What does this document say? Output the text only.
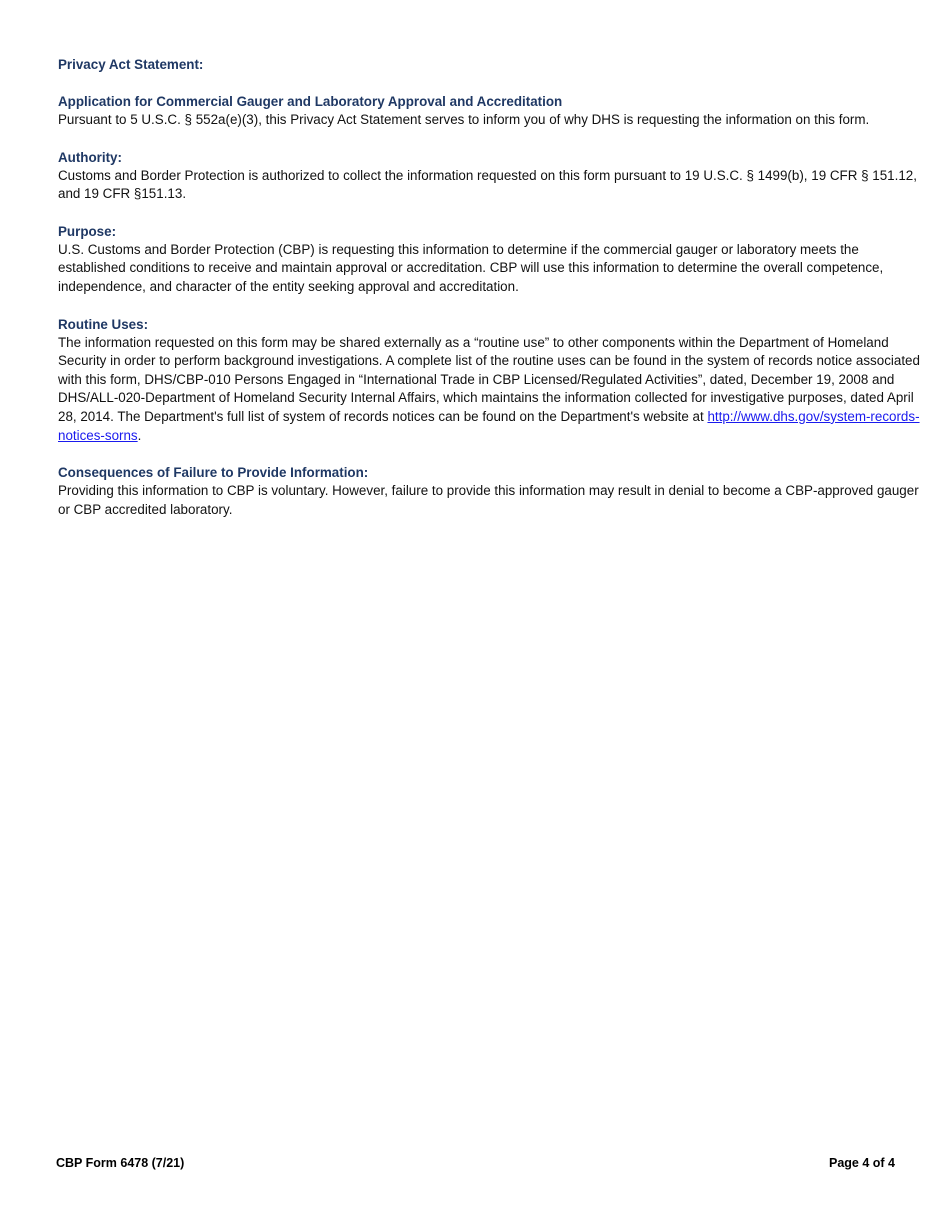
Privacy Act Statement:

Application for Commercial Gauger and Laboratory Approval and Accreditation

Pursuant to 5 U.S.C. § 552a(e)(3), this Privacy Act Statement serves to inform you of why DHS is requesting the information on this form.

Authority:

Customs and Border Protection is authorized to collect the information requested on this form pursuant to 19 U.S.C. § 1499(b), 19 CFR § 151.12, and 19 CFR §151.13.

Purpose:

U.S. Customs and Border Protection (CBP) is requesting this information to determine if the commercial gauger or laboratory meets the established conditions to receive and maintain approval or accreditation. CBP will use this information to determine the overall competence, independence, and character of the entity seeking approval and accreditation.

Routine Uses:

The information requested on this form may be shared externally as a “routine use” to other components within the Department of Homeland Security in order to perform background investigations. A complete list of the routine uses can be found in the system of records notice associated with this form, DHS/CBP-010 Persons Engaged in “International Trade in CBP Licensed/Regulated Activities”, dated, December 19, 2008 and DHS/ALL-020-Department of Homeland Security Internal Affairs, which maintains the information collected for investigative purposes, dated April 28, 2014. The Department's full list of system of records notices can be found on the Department's website at http://www.dhs.gov/system-records-notices-sorns.

Consequences of Failure to Provide Information:

Providing this information to CBP is voluntary. However, failure to provide this information may result in denial to become a CBP-approved gauger or CBP accredited laboratory.

CBP Form 6478 (7/21)	Page 4 of 4
